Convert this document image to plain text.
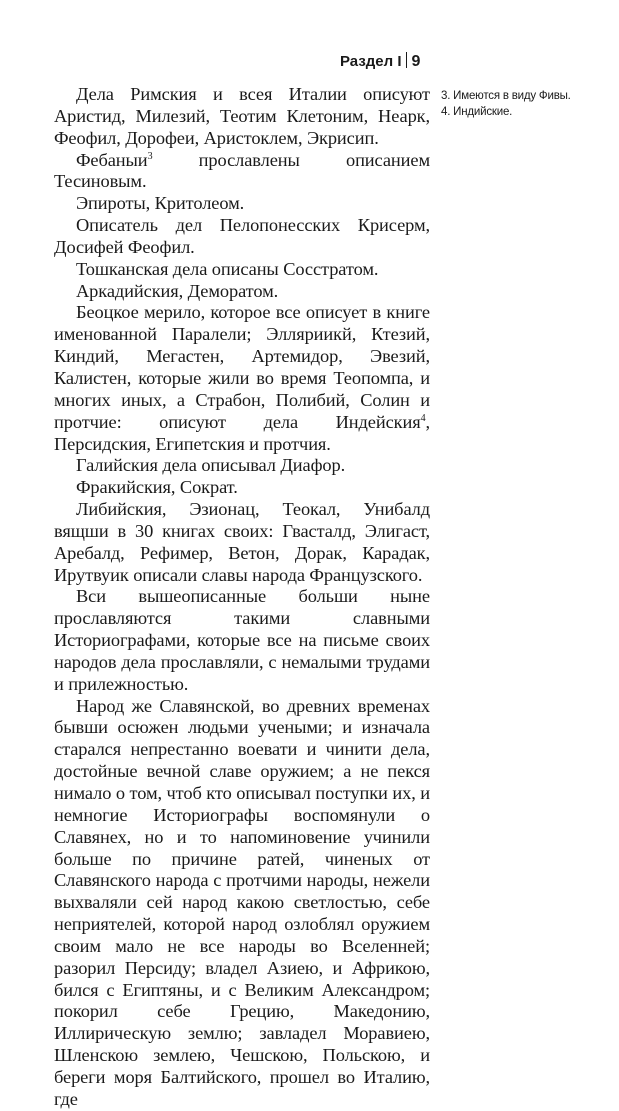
Раздел I 9

Дела Римския и всея Италии описуют Аристид, Милезий, Теотим Клетоним, Неарк, Феофил, Дорофеи, Аристоклем, Экрисип.

Фебаныи$^3$ прославлены описанием Тесиновым.

Эпироты, Критолеом.

Описатель дел Пелопонесских Крисерм, Досифей Феофил.

Тошканская дела описаны Сосстратом.

Аркадийския, Деморатом.

Беоцкое мерило, которое все описует в книге именованной Паралели; Элляриикй, Ктезий, Киндий, Мегастен, Артемидор, Эвезий, Калистен, которые жили во время Теопомпа, и многих иных, а Страбон, Полибий, Солин и протчие: описуют дела Индейския$^4$, Персидския, Египетския и протчия.

Галийския дела описывал Диафор.

Фракийския, Сократ.

Либийския, Эзионац, Теокал, Унибалд вящши в 30 книгах своих: Гвасталд, Элигаст, Аребалд, Рефимер, Ветон, Дорак, Карадак, Ирутвуик описали славы народа Французского.

Вси вышеописанные больши ныне прославляются такими славными Историографами, которые все на письме своих народов дела прославляли, с немалыми трудами и прилежностью.

Народ же Славянской, во древних временах бывши осюжен людьми учеными; и изначала старался непрестанно воевати и чинити дела, достойные вечной славе оружием; а не пекся нимало о том, чтоб кто описывал поступки их, и немногие Историографы воспомянули о Славянех, но и то напоминовение учинили больше по причине ратей, чиненых от Славянского народа с протчими народы, нежели выхваляли сей народ какою светлостью, себе неприятелей, которой народ озлоблял оружием своим мало не все народы во Вселенней; разорил Персиду; владел Азиею, и Африкою, бился с Египтяны, и с Великим Александром; покорил себе Грецию, Македонию, Иллирическую землю; завладел Моравиею, Шленскою землею, Чешскою, Польскою, и береги моря Балтийского, прошел во Италию, где

3. Имеются в виду Фивы.

4. Индийские.
